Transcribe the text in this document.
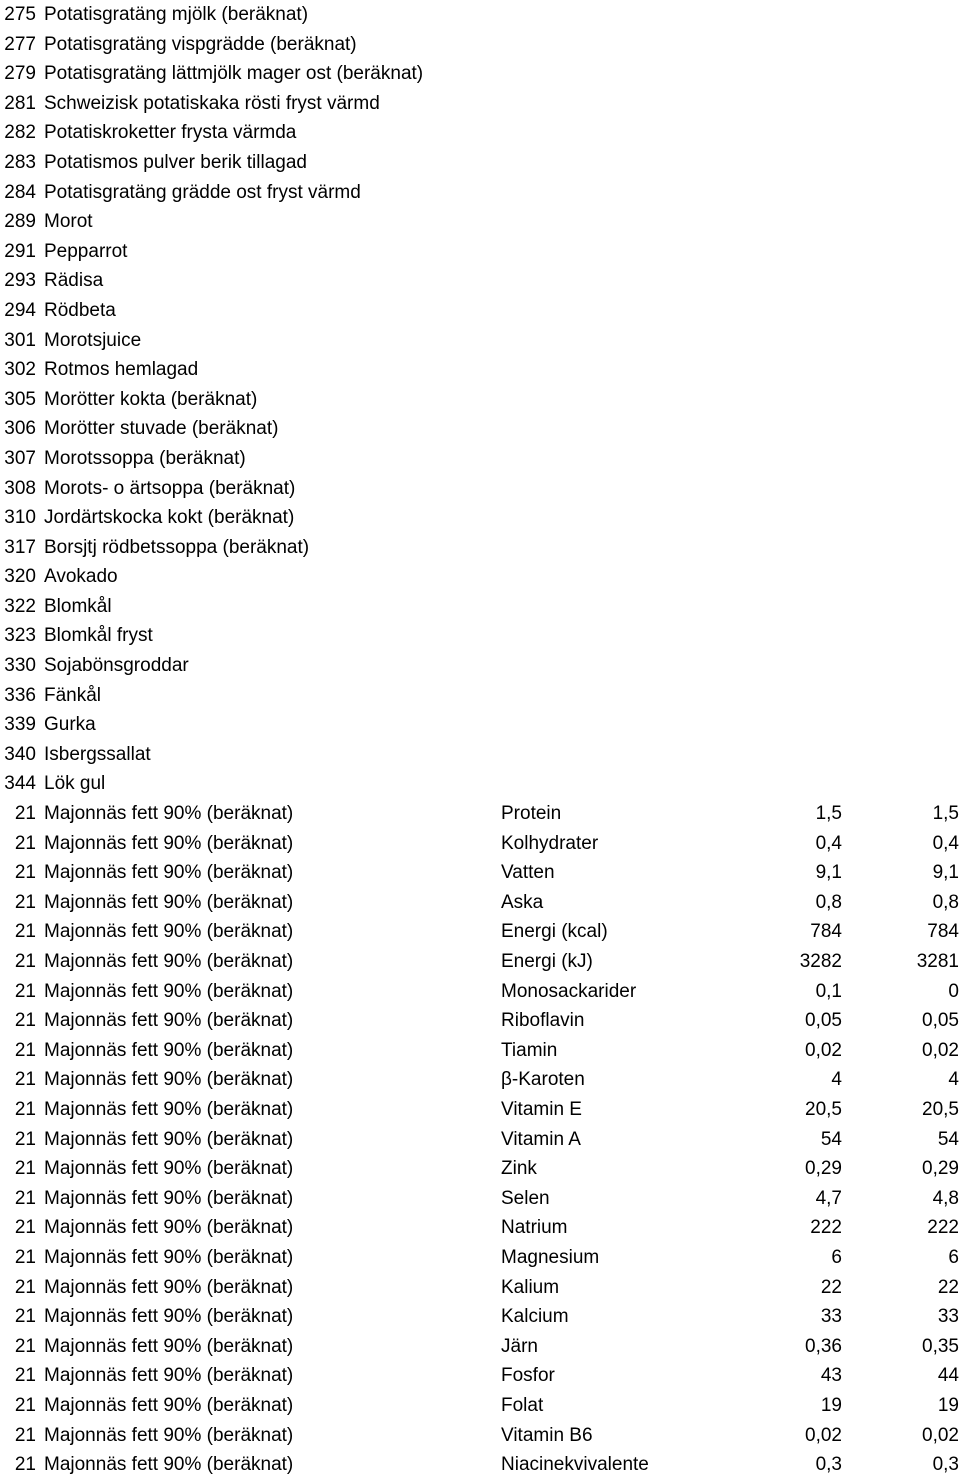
275 Potatisgratäng mjölk (beräknat)
277 Potatisgratäng vispgrädde (beräknat)
279 Potatisgratäng lättmjölk mager ost (beräknat)
281 Schweizisk potatiskaka rösti fryst värmd
282 Potatiskroketter frysta värmda
283 Potatismos pulver berik tillagad
284 Potatisgratäng grädde ost fryst värmd
289 Morot
291 Pepparrot
293 Rädisa
294 Rödbeta
301 Morotsjuice
302 Rotmos hemlagad
305 Morötter kokta (beräknat)
306 Morötter stuvade (beräknat)
307 Morotssoppa (beräknat)
308 Morots- o ärtsoppa (beräknat)
310 Jordärtskocka kokt (beräknat)
317 Borsjtj rödbetssoppa (beräknat)
320 Avokado
322 Blomkål
323 Blomkål fryst
330 Sojabönsgroddar
336 Fänkål
339 Gurka
340 Isbergssallat
344 Lök gul
21 Majonnäs fett 90% (beräknat)	Protein	1,5	1,5
21 Majonnäs fett 90% (beräknat)	Kolhydrater	0,4	0,4
21 Majonnäs fett 90% (beräknat)	Vatten	9,1	9,1
21 Majonnäs fett 90% (beräknat)	Aska	0,8	0,8
21 Majonnäs fett 90% (beräknat)	Energi (kcal)	784	784
21 Majonnäs fett 90% (beräknat)	Energi (kJ)	3282	3281
21 Majonnäs fett 90% (beräknat)	Monosackarider	0,1	0
21 Majonnäs fett 90% (beräknat)	Riboflavin	0,05	0,05
21 Majonnäs fett 90% (beräknat)	Tiamin	0,02	0,02
21 Majonnäs fett 90% (beräknat)	β-Karoten	4	4
21 Majonnäs fett 90% (beräknat)	Vitamin E	20,5	20,5
21 Majonnäs fett 90% (beräknat)	Vitamin A	54	54
21 Majonnäs fett 90% (beräknat)	Zink	0,29	0,29
21 Majonnäs fett 90% (beräknat)	Selen	4,7	4,8
21 Majonnäs fett 90% (beräknat)	Natrium	222	222
21 Majonnäs fett 90% (beräknat)	Magnesium	6	6
21 Majonnäs fett 90% (beräknat)	Kalium	22	22
21 Majonnäs fett 90% (beräknat)	Kalcium	33	33
21 Majonnäs fett 90% (beräknat)	Järn	0,36	0,35
21 Majonnäs fett 90% (beräknat)	Fosfor	43	44
21 Majonnäs fett 90% (beräknat)	Folat	19	19
21 Majonnäs fett 90% (beräknat)	Vitamin B6	0,02	0,02
21 Majonnäs fett 90% (beräknat)	Niacinekvivalente	0,3	0,3
